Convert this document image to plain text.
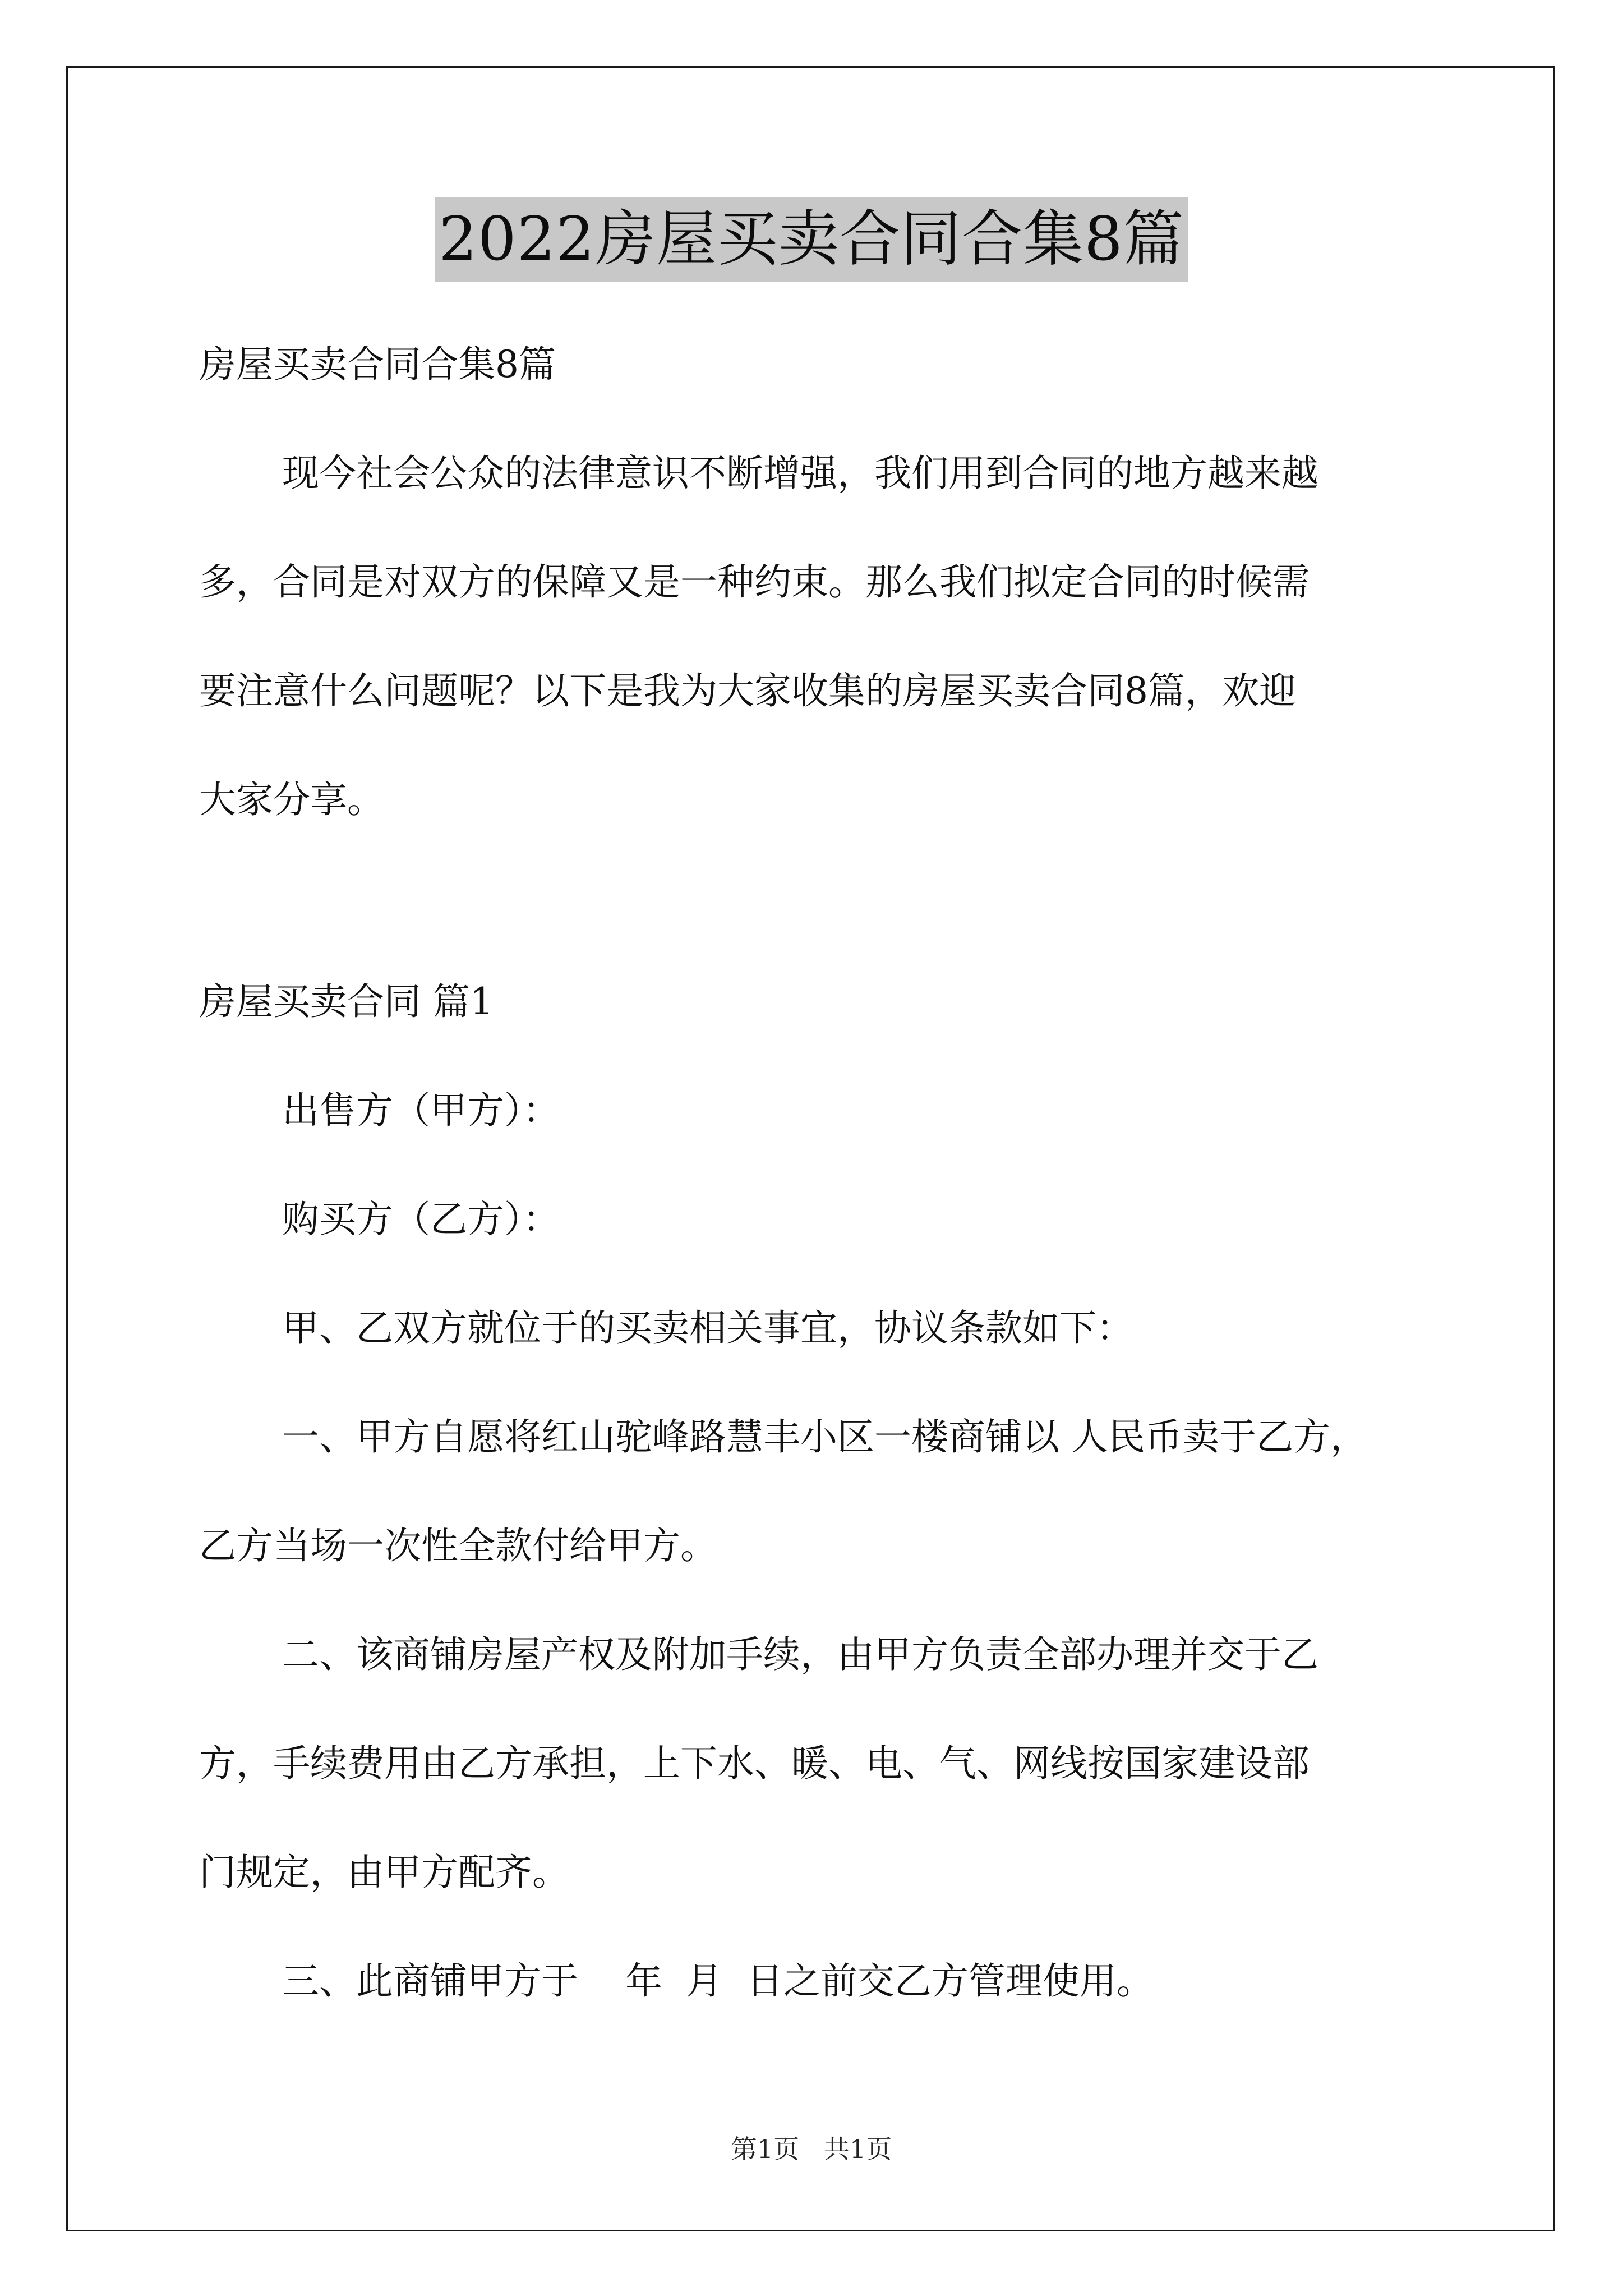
2022房屋买卖合同合集8篇

房屋买卖合同合集8篇

现今社会公众的法律意识不断增强，我们用到合同的地方越来越

多，合同是对双方的保障又是一种约束。那么我们拟定合同的时候需

要注意什么问题呢？以下是我为大家收集的房屋买卖合同8篇，欢迎

大家分享。

房屋买卖合同 篇1

出售方（甲方）：

购买方（乙方）：

甲、乙双方就位于的买卖相关事宜，协议条款如下：

一、甲方自愿将红山驼峰路慧丰小区一楼商铺以 人民币卖于乙方，

乙方当场一次性全款付给甲方。

二、该商铺房屋产权及附加手续，由甲方负责全部办理并交于乙

方，手续费用由乙方承担，上下水、暖、电、气、网线按国家建设部

门规定，由甲方配齐。

三、此商铺甲方于    年  月  日之前交乙方管理使用。

第1页   共1页
